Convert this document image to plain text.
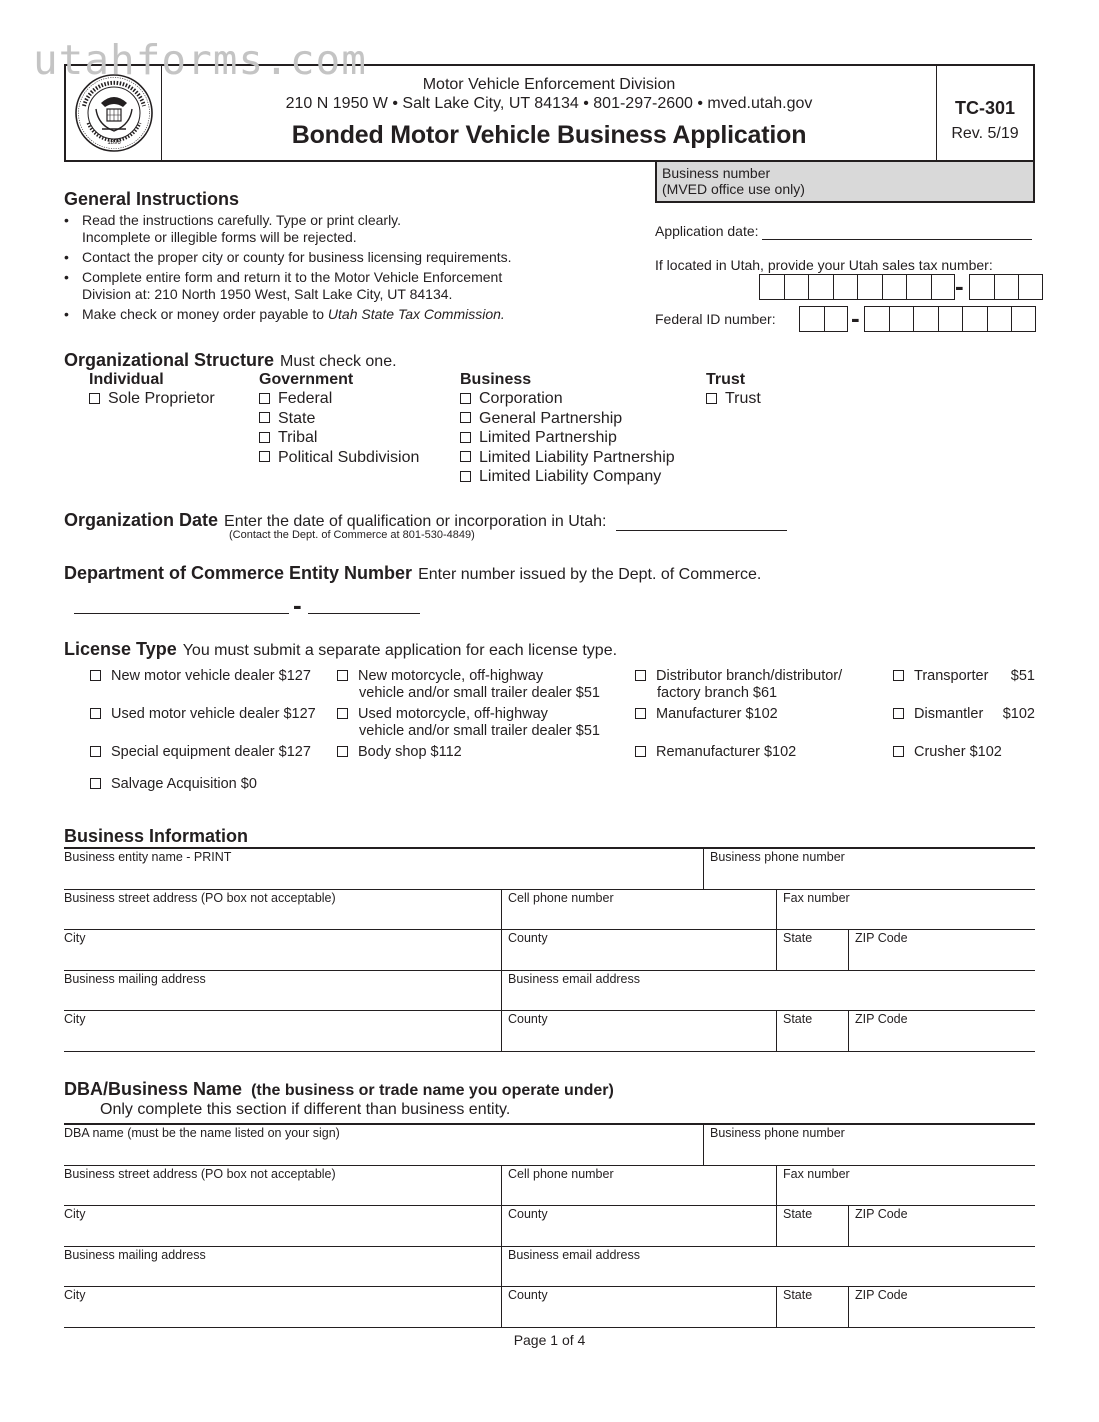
utahforms.com
1896
Motor Vehicle Enforcement Division
210 N 1950 W • Salt Lake City, UT 84134 • 801-297-2600 • mved.utah.gov
Bonded Motor Vehicle Business Application
TC-301
Rev. 5/19
Business number
(MVED office use only)
General Instructions
• Read the instructions carefully. Type or print clearly.
Incomplete or illegible forms will be rejected.
• Contact the proper city or county for business licensing requirements.
• Complete entire form and return it to the Motor Vehicle Enforcement
Division at: 210 North 1950 West, Salt Lake City, UT 84134.
• Make check or money order payable to Utah State Tax Commission.
Application date:
If located in Utah, provide your Utah sales tax number:
-
Federal ID number:	-
Organizational Structure Must check one.
Individual
Sole Proprietor
Government
Federal
State
Tribal
Political Subdivision
Business
Corporation
General Partnership
Limited Partnership
Limited Liability Partnership
Limited Liability Company
Trust
Trust
Organization Date Enter the date of qualification or incorporation in Utah:
(Contact the Dept. of Commerce at 801-530-4849)
Department of Commerce Entity Number Enter number issued by the Dept. of Commerce.
-
License Type You must submit a separate application for each license type.
New motor vehicle dealer $127
Used motor vehicle dealer $127
Special equipment dealer $127
Salvage Acquisition $0
New motorcycle, off-highway
vehicle and/or small trailer dealer $51
Used motorcycle, off-highway
vehicle and/or small trailer dealer $51
Body shop $112
Distributor branch/distributor/
factory branch $61
Manufacturer $102
Remanufacturer $102
Transporter $51
Dismantler $102
Crusher $102
Business Information
Business entity name - PRINT	Business phone number
Business street address (PO box not acceptable)	Cell phone number	Fax number
City	County	State	ZIP Code
Business mailing address	Business email address
City	County	State	ZIP Code
DBA/Business Name (the business or trade name you operate under)
Only complete this section if different than business entity.
DBA name (must be the name listed on your sign)	Business phone number
Business street address (PO box not acceptable)	Cell phone number	Fax number
City	County	State	ZIP Code
Business mailing address	Business email address
City	County	State	ZIP Code
Page 1 of 4
